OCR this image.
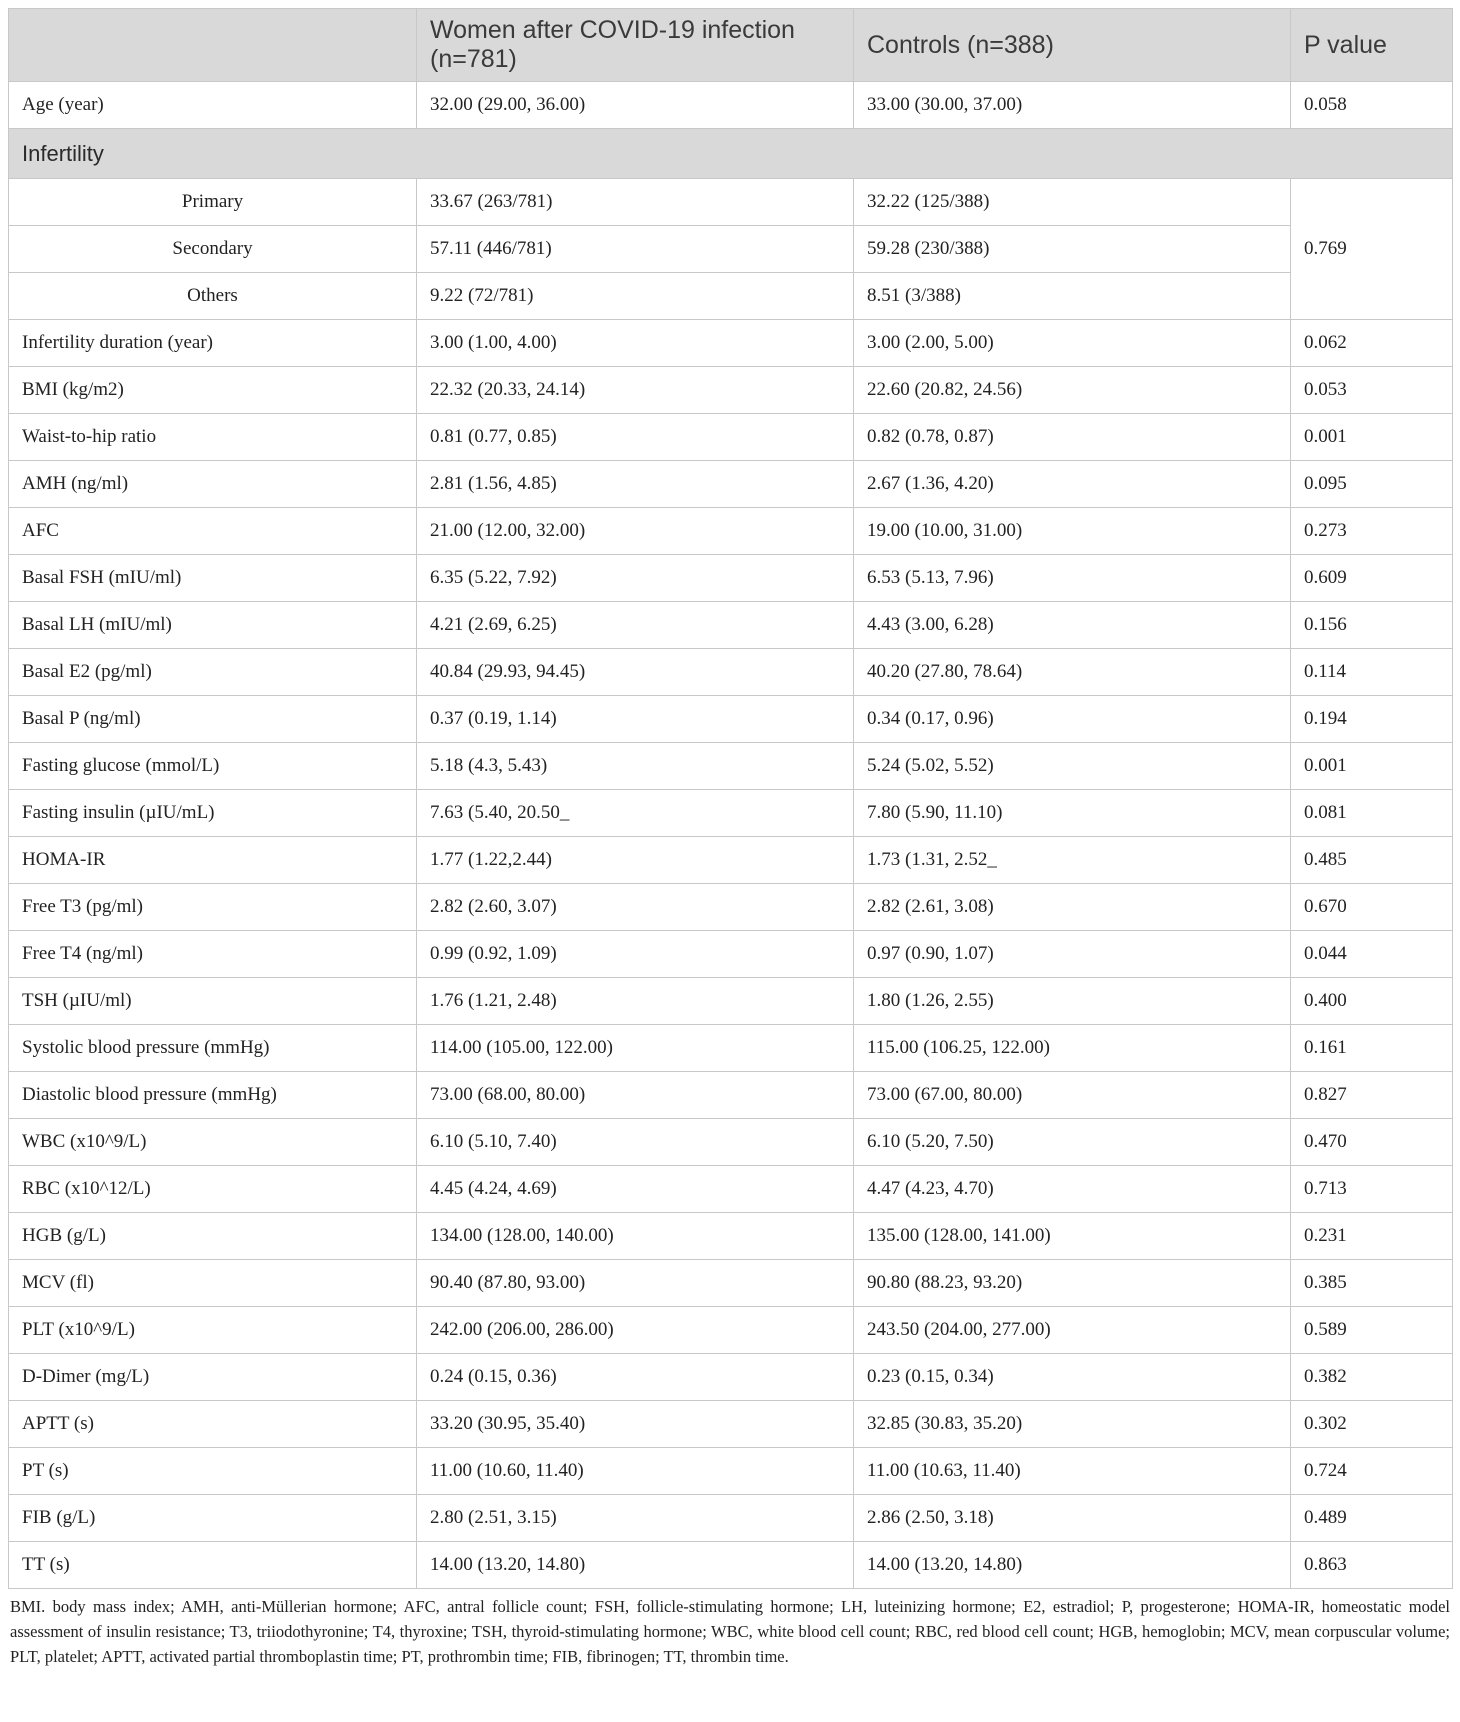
	Women after COVID-19 infection (n=781)	Controls (n=388)	P value
Age (year)	32.00 (29.00, 36.00)	33.00 (30.00, 37.00)	0.058
Infertility			
Primary	33.67 (263/781)	32.22 (125/388)	0.769
Secondary	57.11 (446/781)	59.28 (230/388)	
Others	9.22 (72/781)	8.51 (3/388)	
Infertility duration (year)	3.00 (1.00, 4.00)	3.00 (2.00, 5.00)	0.062
BMI (kg/m2)	22.32 (20.33, 24.14)	22.60 (20.82, 24.56)	0.053
Waist-to-hip ratio	0.81 (0.77, 0.85)	0.82 (0.78, 0.87)	0.001
AMH (ng/ml)	2.81 (1.56, 4.85)	2.67 (1.36, 4.20)	0.095
AFC	21.00 (12.00, 32.00)	19.00 (10.00, 31.00)	0.273
Basal FSH (mIU/ml)	6.35 (5.22, 7.92)	6.53 (5.13, 7.96)	0.609
Basal LH (mIU/ml)	4.21 (2.69, 6.25)	4.43 (3.00, 6.28)	0.156
Basal E2 (pg/ml)	40.84 (29.93, 94.45)	40.20 (27.80, 78.64)	0.114
Basal P (ng/ml)	0.37 (0.19, 1.14)	0.34 (0.17, 0.96)	0.194
Fasting glucose (mmol/L)	5.18 (4.3, 5.43)	5.24 (5.02, 5.52)	0.001
Fasting insulin (µIU/mL)	7.63 (5.40, 20.50_	7.80 (5.90, 11.10)	0.081
HOMA-IR	1.77 (1.22,2.44)	1.73 (1.31, 2.52_	0.485
Free T3 (pg/ml)	2.82 (2.60, 3.07)	2.82 (2.61, 3.08)	0.670
Free T4 (ng/ml)	0.99 (0.92, 1.09)	0.97 (0.90, 1.07)	0.044
TSH (µIU/ml)	1.76 (1.21, 2.48)	1.80 (1.26, 2.55)	0.400
Systolic blood pressure (mmHg)	114.00 (105.00, 122.00)	115.00 (106.25, 122.00)	0.161
Diastolic blood pressure (mmHg)	73.00 (68.00, 80.00)	73.00 (67.00, 80.00)	0.827
WBC (x10^9/L)	6.10 (5.10, 7.40)	6.10 (5.20, 7.50)	0.470
RBC (x10^12/L)	4.45 (4.24, 4.69)	4.47 (4.23, 4.70)	0.713
HGB (g/L)	134.00 (128.00, 140.00)	135.00 (128.00, 141.00)	0.231
MCV (fl)	90.40 (87.80, 93.00)	90.80 (88.23, 93.20)	0.385
PLT (x10^9/L)	242.00 (206.00, 286.00)	243.50 (204.00, 277.00)	0.589
D-Dimer (mg/L)	0.24 (0.15, 0.36)	0.23 (0.15, 0.34)	0.382
APTT (s)	33.20 (30.95, 35.40)	32.85 (30.83, 35.20)	0.302
PT (s)	11.00 (10.60, 11.40)	11.00 (10.63, 11.40)	0.724
FIB (g/L)	2.80 (2.51, 3.15)	2.86 (2.50, 3.18)	0.489
TT (s)	14.00 (13.20, 14.80)	14.00 (13.20, 14.80)	0.863
BMI. body mass index; AMH, anti-Müllerian hormone; AFC, antral follicle count; FSH, follicle-stimulating hormone; LH, luteinizing hormone; E2, estradiol; P, progesterone; HOMA-IR, homeostatic model assessment of insulin resistance; T3, triiodothyronine; T4, thyroxine; TSH, thyroid-stimulating hormone; WBC, white blood cell count; RBC, red blood cell count; HGB, hemoglobin; MCV, mean corpuscular volume; PLT, platelet; APTT, activated partial thromboplastin time; PT, prothrombin time; FIB, fibrinogen; TT, thrombin time.
